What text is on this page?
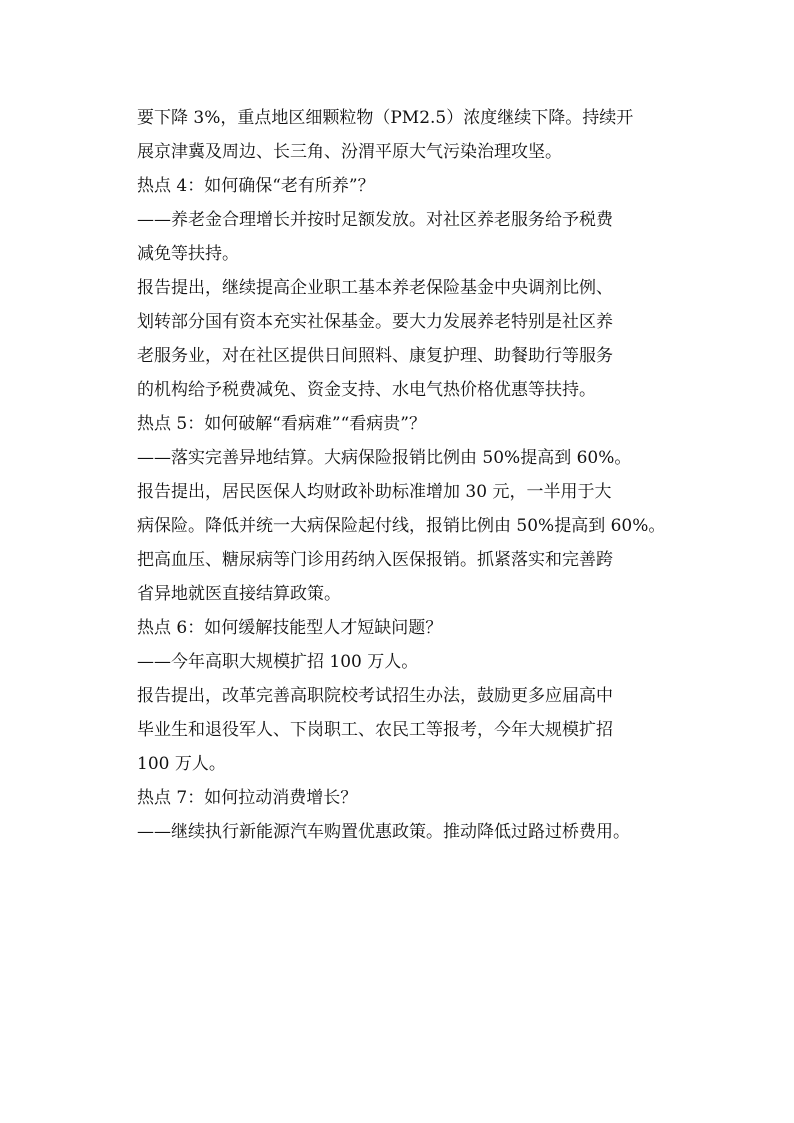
要下降 3%，重点地区细颗粒物（PM2.5）浓度继续下降。持续开
展京津冀及周边、长三角、汾渭平原大气污染治理攻坚。
热点 4：如何确保“老有所养”？
——养老金合理增长并按时足额发放。对社区养老服务给予税费
减免等扶持。
报告提出，继续提高企业职工基本养老保险基金中央调剂比例、
划转部分国有资本充实社保基金。要大力发展养老特别是社区养
老服务业，对在社区提供日间照料、康复护理、助餐助行等服务
的机构给予税费减免、资金支持、水电气热价格优惠等扶持。
热点 5：如何破解“看病难”“看病贵”？
——落实完善异地结算。大病保险报销比例由 50%提高到 60%。
报告提出，居民医保人均财政补助标准增加 30 元，一半用于大
病保险。降低并统一大病保险起付线，报销比例由 50%提高到 60%。
把高血压、糖尿病等门诊用药纳入医保报销。抓紧落实和完善跨
省异地就医直接结算政策。
热点 6：如何缓解技能型人才短缺问题？
——今年高职大规模扩招 100 万人。
报告提出，改革完善高职院校考试招生办法，鼓励更多应届高中
毕业生和退役军人、下岗职工、农民工等报考，今年大规模扩招
100 万人。
热点 7：如何拉动消费增长？
——继续执行新能源汽车购置优惠政策。推动降低过路过桥费用。
